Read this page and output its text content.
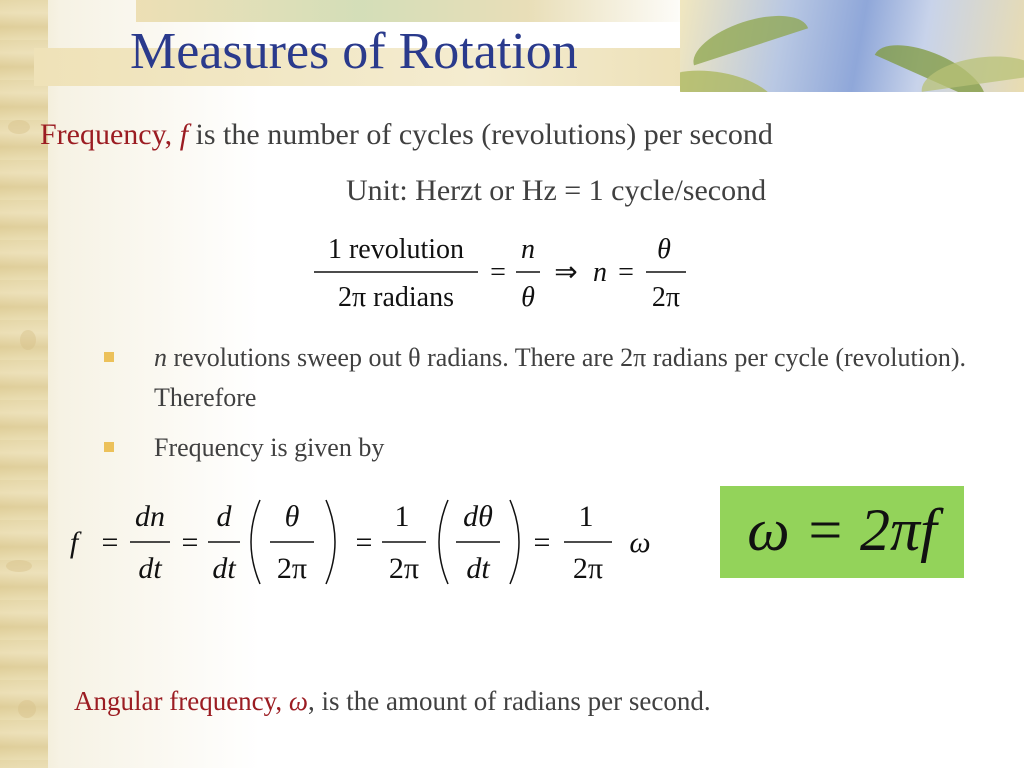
Measures of Rotation
Frequency, f is the number of cycles (revolutions) per second
Unit: Herzt or Hz = 1 cycle/second
1 revolution
2π radians
=
n
θ
⇒ n =
θ
2π
n revolutions sweep out θ radians. There are 2π radians per cycle (revolution). Therefore
Frequency is given by
f =
dn
dt
=
d
dt
θ
2π
=
1
2π
dθ
dt
=
1
2π
ω	ω = 2πf
Angular frequency, ω, is the amount of radians per second.
